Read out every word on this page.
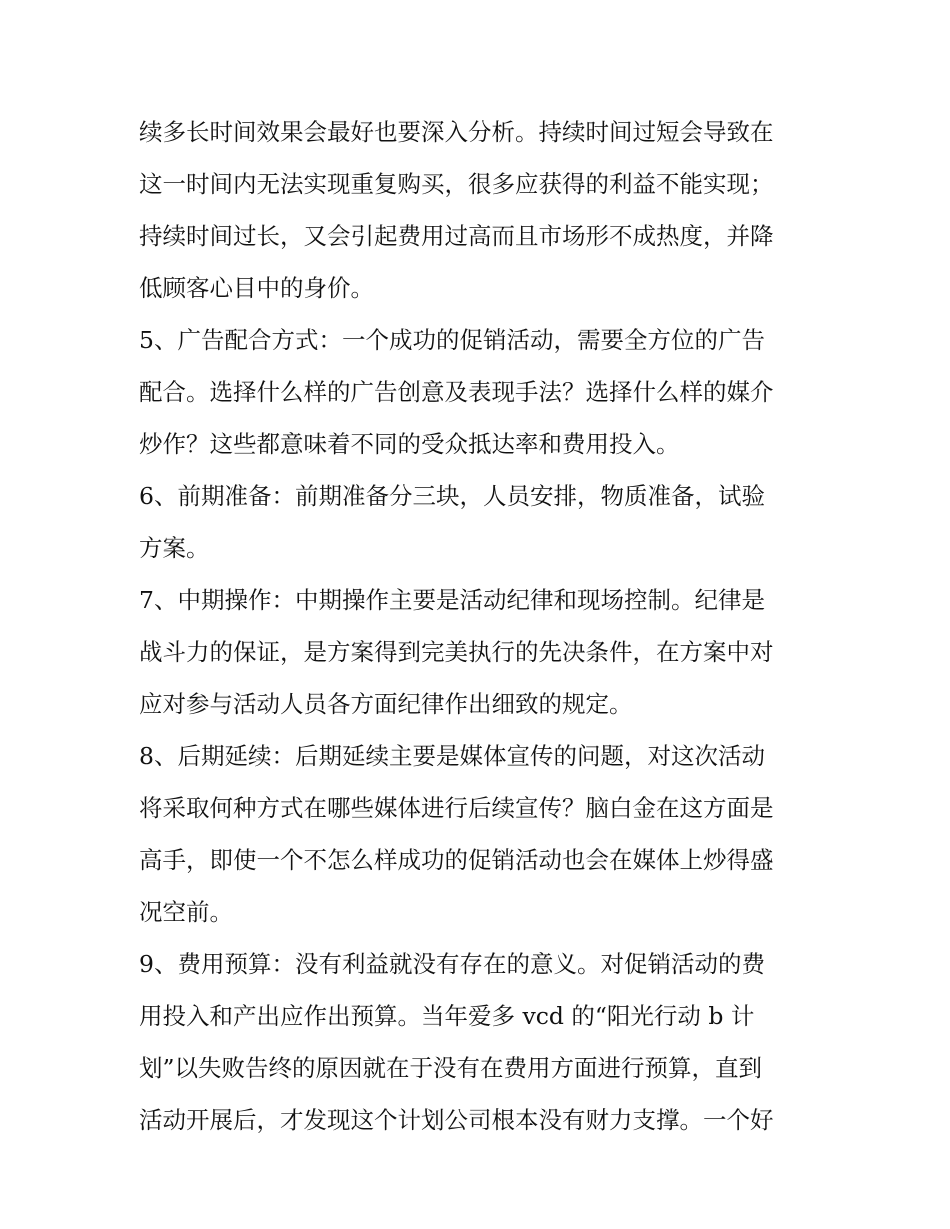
续多长时间效果会最好也要深入分析。持续时间过短会导致在
这一时间内无法实现重复购买，很多应获得的利益不能实现；
持续时间过长，又会引起费用过高而且市场形不成热度，并降
低顾客心目中的身价。
5、广告配合方式：一个成功的促销活动，需要全方位的广告
配合。选择什么样的广告创意及表现手法？选择什么样的媒介
炒作？这些都意味着不同的受众抵达率和费用投入。
6、前期准备：前期准备分三块，人员安排，物质准备，试验
方案。
7、中期操作：中期操作主要是活动纪律和现场控制。纪律是
战斗力的保证，是方案得到完美执行的先决条件，在方案中对
应对参与活动人员各方面纪律作出细致的规定。
8、后期延续：后期延续主要是媒体宣传的问题，对这次活动
将采取何种方式在哪些媒体进行后续宣传？脑白金在这方面是
高手，即使一个不怎么样成功的促销活动也会在媒体上炒得盛
况空前。
9、费用预算：没有利益就没有存在的意义。对促销活动的费
用投入和产出应作出预算。当年爱多 vcd 的“阳光行动 b 计
划”以失败告终的原因就在于没有在费用方面进行预算，直到
活动开展后，才发现这个计划公司根本没有财力支撑。一个好
